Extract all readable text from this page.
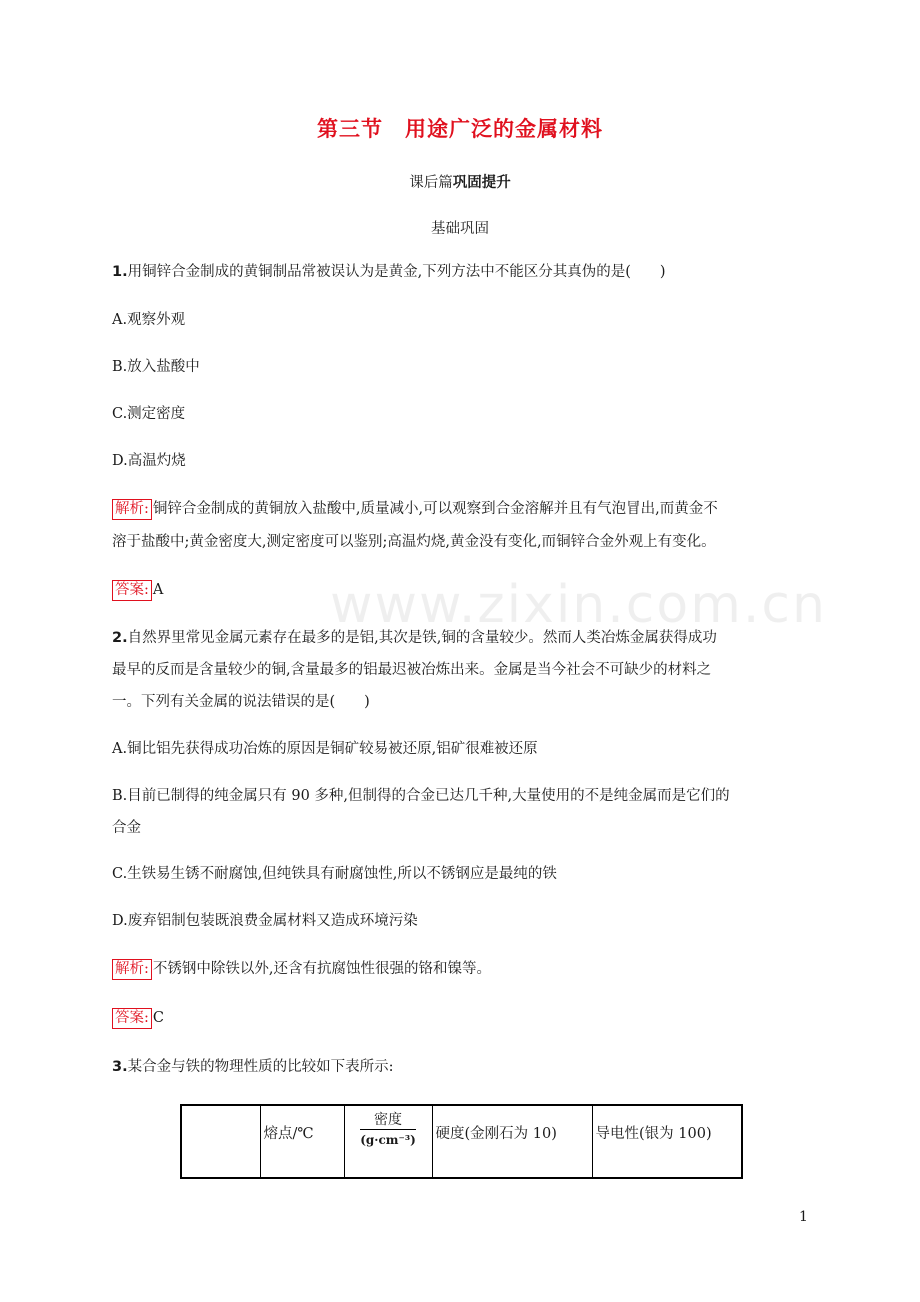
第三节 用途广泛的金属材料
课后篇巩固提升
基础巩固
1.用铜锌合金制成的黄铜制品常被误认为是黄金,下列方法中不能区分其真伪的是(　　)
A.观察外观
B.放入盐酸中
C.测定密度
D.高温灼烧
解析: 铜锌合金制成的黄铜放入盐酸中,质量减小,可以观察到合金溶解并且有气泡冒出,而黄金不
溶于盐酸中;黄金密度大,测定密度可以鉴别;高温灼烧,黄金没有变化,而铜锌合金外观上有变化。
答案: A	www.zixin.com.cn
2.自然界里常见金属元素存在最多的是铝,其次是铁,铜的含量较少。然而人类冶炼金属获得成功
最早的反而是含量较少的铜,含量最多的铝最迟被冶炼出来。金属是当今社会不可缺少的材料之
一。下列有关金属的说法错误的是(　　)
A.铜比铝先获得成功冶炼的原因是铜矿较易被还原,铝矿很难被还原
B.目前已制得的纯金属只有 90 多种,但制得的合金已达几千种,大量使用的不是纯金属而是它们的
合金
C.生铁易生锈不耐腐蚀,但纯铁具有耐腐蚀性,所以不锈钢应是最纯的铁
D.废弃铝制包装既浪费金属材料又造成环境污染
解析: 不锈钢中除铁以外,还含有抗腐蚀性很强的铬和镍等。
答案: C
3.某合金与铁的物理性质的比较如下表所示:
	熔点/℃	$\frac{\text{密度}}{\text{(g·cm⁻³)}}$	硬度(金刚石为 10)	导电性(银为 100)
1
